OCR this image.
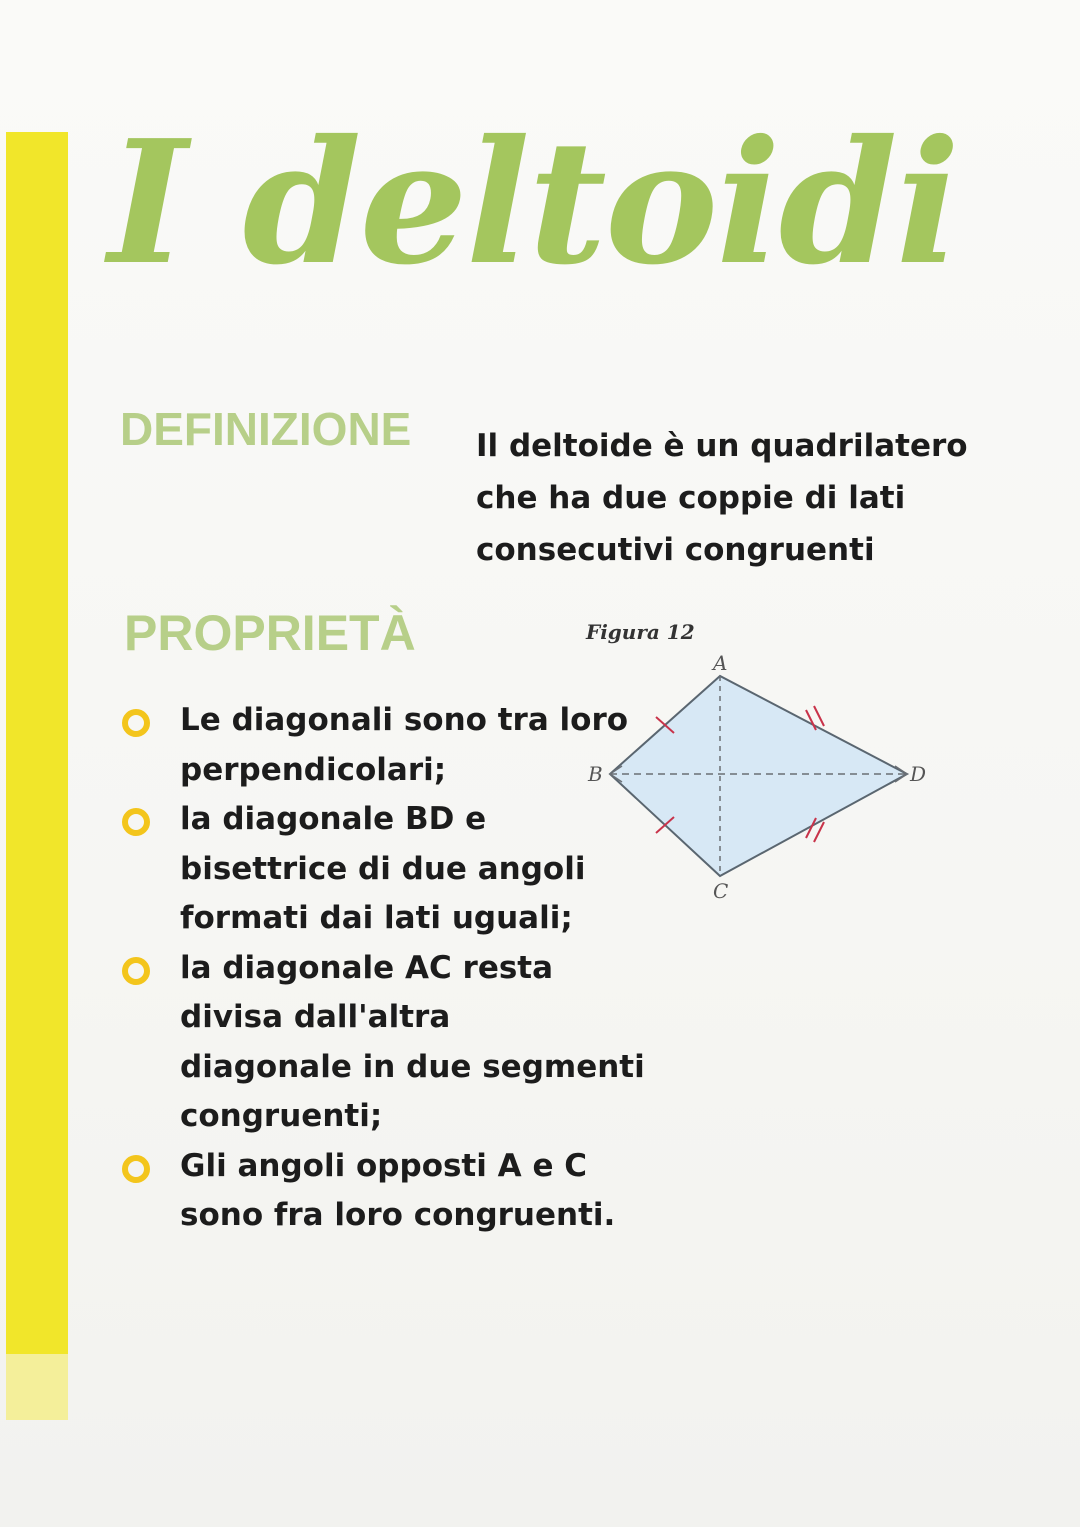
I deltoidi
DEFINIZIONE Il deltoide è un quadrilatero
che ha due coppie di lati
consecutivi congruenti
PROPRIETÀ	Figura 12
A
B
C
D
Le diagonali sono tra loro
perpendicolari;
la diagonale BD e
bisettrice di due angoli
formati dai lati uguali;
la diagonale AC resta
divisa dall'altra
diagonale in due segmenti
congruenti;
Gli angoli opposti A e C
sono fra loro congruenti.
